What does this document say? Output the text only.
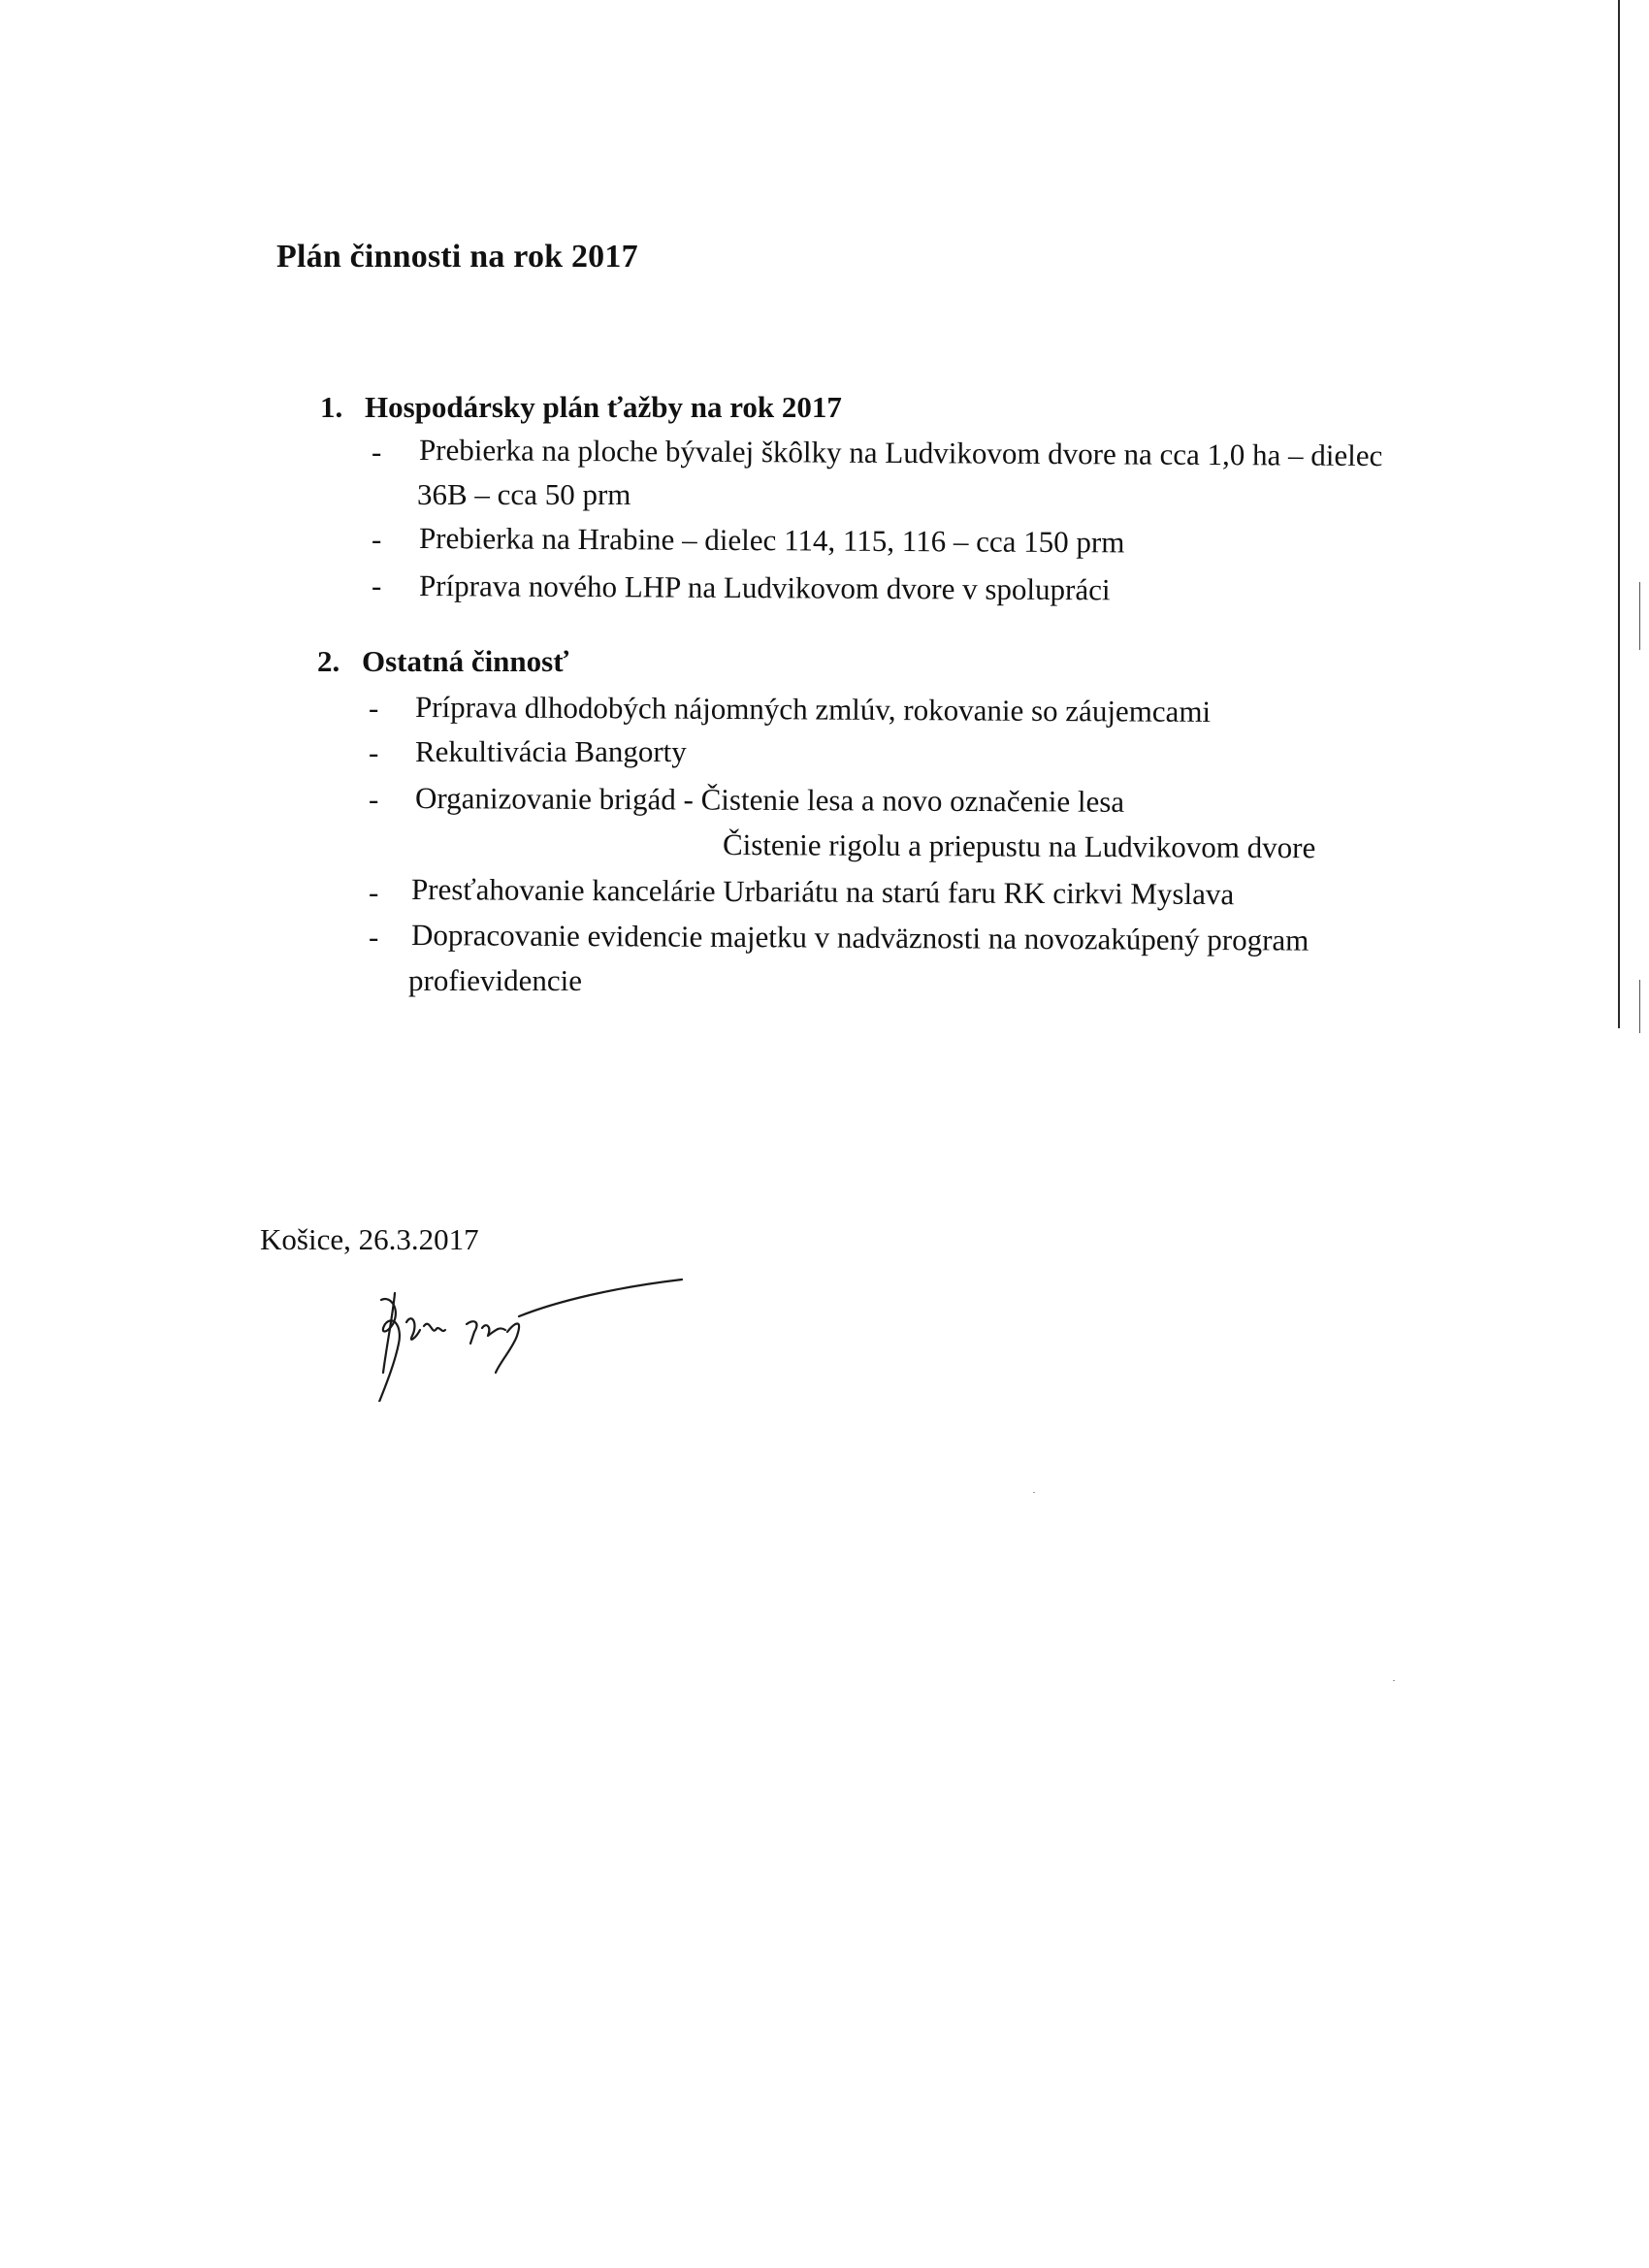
Plán činnosti na rok 2017
1. Hospodársky plán ťažby na rok 2017
- Prebierka na ploche bývalej škôlky na Ludvikovom dvore na cca 1,0 ha – dielec
36B – cca 50 prm
- Prebierka na Hrabine – dielec 114, 115, 116 – cca 150 prm
- Príprava nového LHP na Ludvikovom dvore v spolupráci
2. Ostatná činnosť
- Príprava dlhodobých nájomných zmlúv, rokovanie so záujemcami
- Rekultivácia Bangorty
- Organizovanie brigád - Čistenie lesa a novo označenie lesa
Čistenie rigolu a priepustu na Ludvikovom dvore
- Presťahovanie kancelárie Urbariátu na starú faru RK cirkvi Myslava
- Dopracovanie evidencie majetku v nadväznosti na novozakúpený program
profievidencie
Košice, 26.3.2017
